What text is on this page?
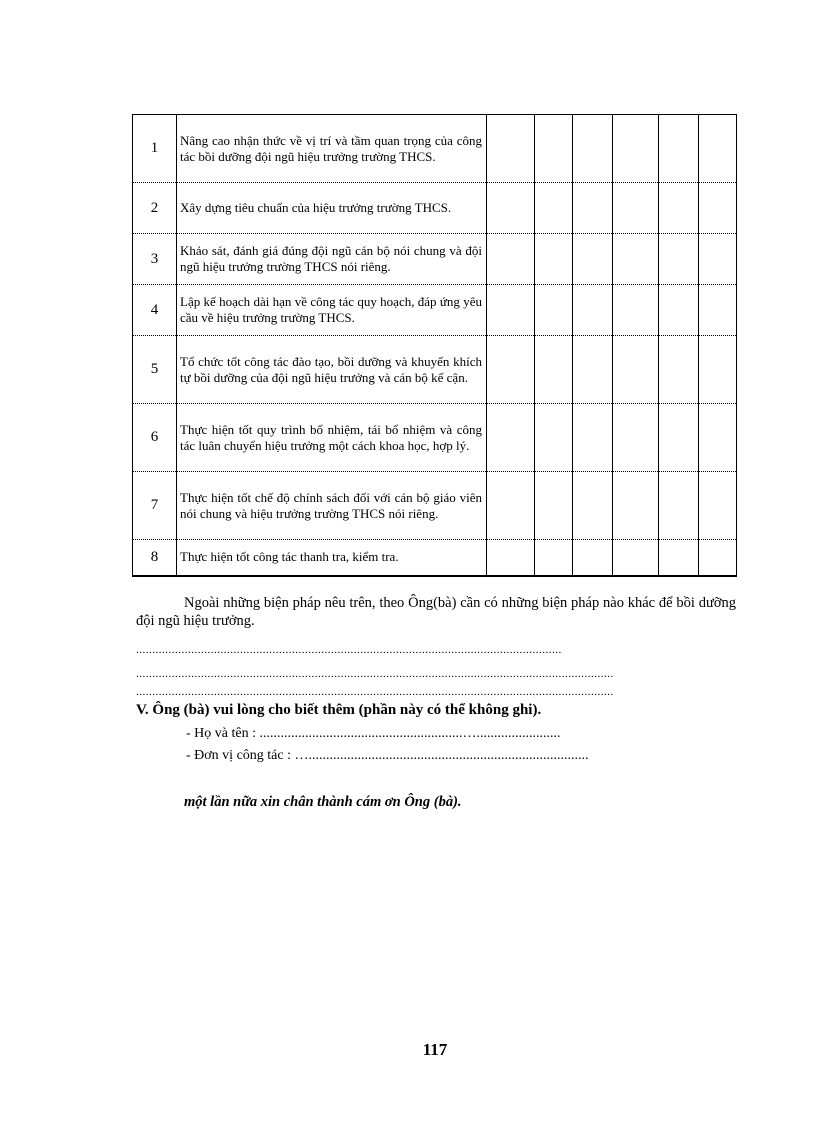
1	Nâng cao nhận thức về vị trí và tầm quan trọng của công tác bồi dưỡng đội ngũ hiệu trưởng trường THCS.						
2	Xây dựng tiêu chuẩn của hiệu trưởng trường THCS.						
3	Khảo sát, đánh giá đúng đội ngũ cán bộ nói chung và đội ngũ hiệu trưởng trường THCS nói riêng.						
4	Lập kế hoạch dài hạn về công tác quy hoạch, đáp ứng yêu cầu về hiệu trưởng trường THCS.						
5	Tổ chức tốt công tác đào tạo, bồi dưỡng và khuyến khích tự bồi dưỡng của đội ngũ hiệu trưởng và cán bộ kế cận.						
6	Thực hiện tốt quy trình bổ nhiệm, tái bổ nhiệm và công tác luân chuyển hiệu trưởng một cách khoa học, hợp lý.						
7	Thực hiện tốt chế độ chính sách đối với cán bộ giáo viên nói chung và hiệu trưởng trường THCS nói riêng.						
8	Thực hiện tốt công tác thanh tra, kiểm tra.						

Ngoài những biện pháp nêu trên, theo Ông(bà) cần có những biện pháp nào khác để bồi dưỡng đội ngũ hiệu trưởng.

...................................................................................................................................
...................................................................................................................................................
...................................................................................................................................................

V. Ông (bà) vui lòng cho biết thêm (phần này có thể không ghi).

- Họ và tên : ..........................................................…........................

- Đơn vị công tác : …................................................................................

một lần nữa xin chân thành cám ơn Ông (bà).

117
